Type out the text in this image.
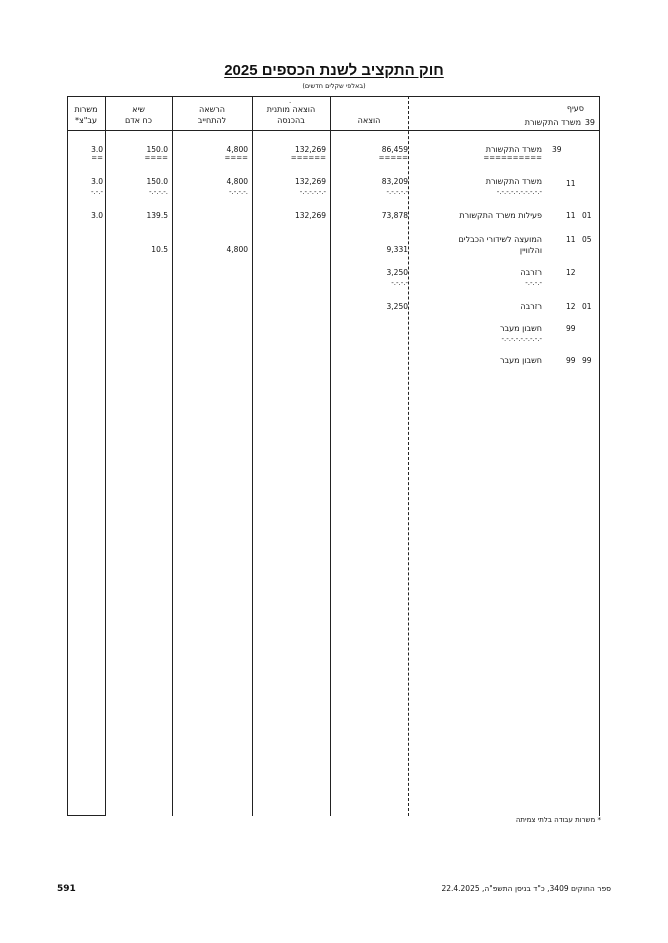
חוק התקציב לשנת הכספים 2025
(באלפי שקלים חדשים)
משרות
עב"צ*
שיא
כח אדם
הרשאה
להתחייב
הוצאה מותנית
בהכנסה
.
הוצאה
סעיף
39
משרד התקשורת
39
משרד התקשורת
==========
86,459
=====
132,269
======
4,800
====
150.0
====
3.0
==
11
משרד התקשורת
-.-.-.-.-.-.-.-.-.-
83,209
-.-.-.-.-
132,269
-.-.-.-.-.-
4,800
-.-.-.-.
150.0
-.-.-.-.
3.0
-.-.-
11 01
פעילות משרד התקשורת
73,878
132,269
139.5
3.0
11 05
המועצה לשידורי הכבלים
והלוויין
9,331
4,800
10.5
12
רזרבה
-.-.-.-
3,250
-.-.-.-
12 01
רזרבה
3,250
99
חשבון מעבר
-.-.-.-.-.-.-.-.-
99 99
חשבון מעבר
* משרות עבודה בלתי צמיתה
591	ספר החוקים 3409, כ"ד בניסן התשפ"ה, 22.4.2025
